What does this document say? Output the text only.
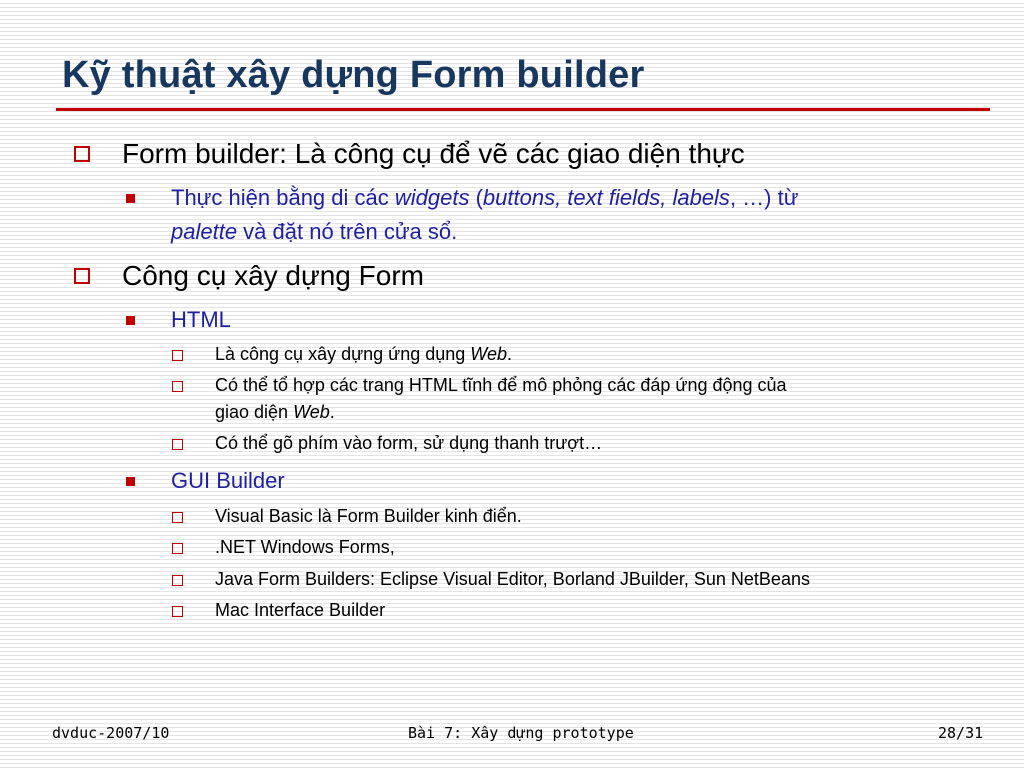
Kỹ thuật xây dựng Form builder
Form builder: Là công cụ để vẽ các giao diện thực
Thực hiện bằng di các widgets (buttons, text fields, labels, …) từ
palette và đặt nó trên cửa sổ.
Công cụ xây dựng Form
HTML
Là công cụ xây dựng ứng dụng Web.
Có thể tổ hợp các trang HTML tĩnh để mô phỏng các đáp ứng động của
giao diện Web.
Có thể gõ phím vào form, sử dụng thanh trượt…
GUI Builder
Visual Basic là Form Builder kinh điển.
.NET Windows Forms,
Java Form Builders: Eclipse Visual Editor, Borland JBuilder, Sun NetBeans
Mac Interface Builder
dvduc-2007/10	Bài 7: Xây dựng prototype	28/31
